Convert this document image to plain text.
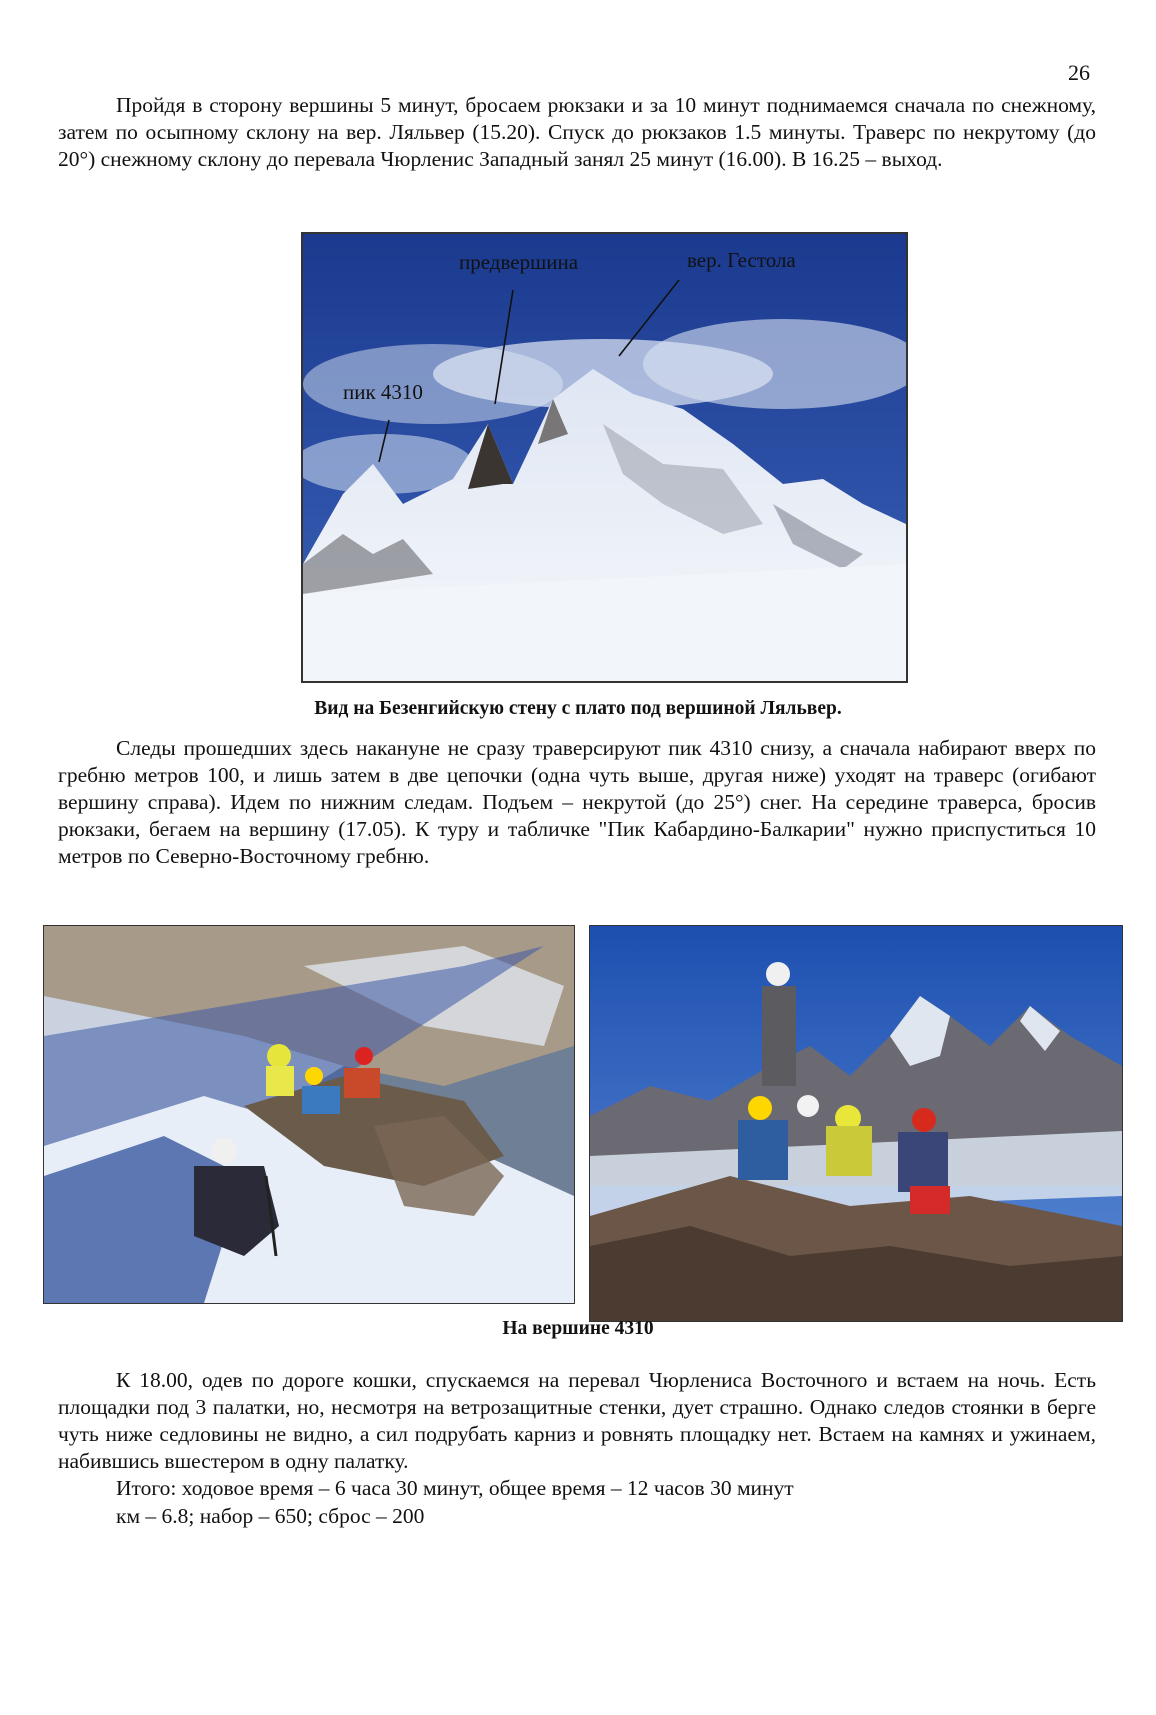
26

Пройдя в сторону вершины 5 минут, бросаем рюкзаки и за 10 минут поднимаемся сначала по снежному, затем по осыпному склону на вер. Ляльвер (15.20). Спуск до рюкзаков 1.5 минуты. Траверс по некрутому (до 20°) снежному склону до перевала Чюрленис Западный занял 25 минут (16.00). В 16.25 – выход.

предвершина	вер. Гестола
пик 4310

Вид на Безенгийскую стену с плато под вершиной Ляльвер.

Следы прошедших здесь накануне не сразу траверсируют пик 4310 снизу, а сначала набирают вверх по гребню метров 100, и лишь затем в две цепочки (одна чуть выше, другая ниже) уходят на траверс (огибают вершину справа). Идем по нижним следам. Подъем – некрутой (до 25°) снег. На середине траверса, бросив рюкзаки, бегаем на вершину (17.05). К туру и табличке "Пик Кабардино-Балкарии" нужно приспуститься 10 метров по Северно-Восточному гребню.

На вершине 4310

К 18.00, одев по дороге кошки, спускаемся на перевал Чюрлениса Восточного и встаем на ночь. Есть площадки под 3 палатки, но, несмотря на ветрозащитные стенки, дует страшно. Однако следов стоянки в берге чуть ниже седловины не видно, а сил подрубать карниз и ровнять площадку нет. Встаем на камнях и ужинаем, набившись вшестером в одну палатку.

Итого: ходовое время – 6 часа 30 минут, общее время – 12 часов 30 минут

км – 6.8; набор – 650; сброс – 200
